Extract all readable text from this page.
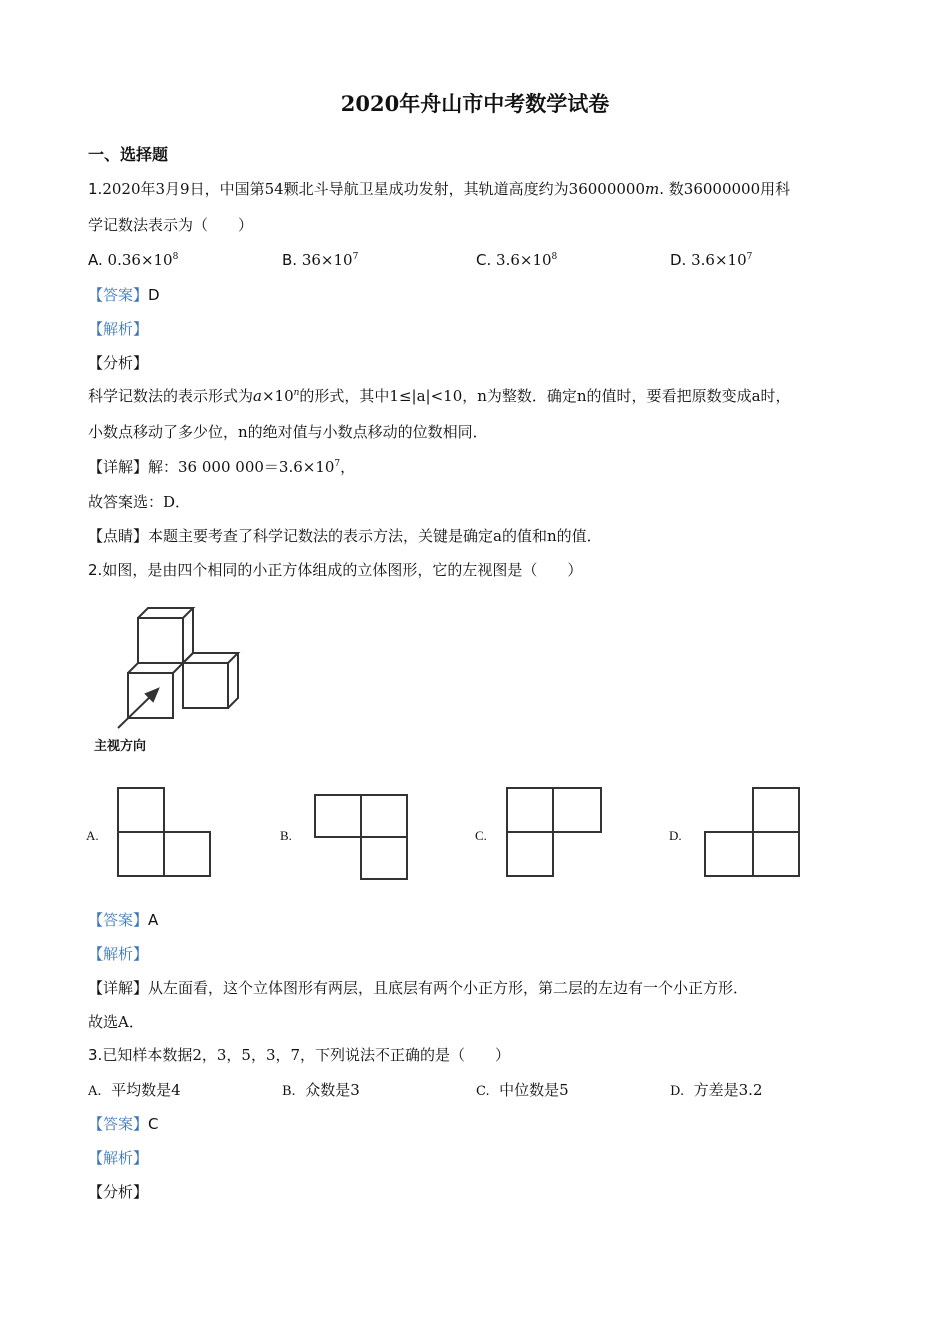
2020年舟山市中考数学试卷
一、选择题
1.2020年3月9日，中国第54颗北斗导航卫星成功发射，其轨道高度约为36000000m. 数36000000用科
学记数法表示为（　　）
A. $0.36\times 10^8$	B. $36\times 10^7$	C. $3.6\times 10^8$	D. $3.6\times 10^7$
【答案】D
【解析】
【分析】
科学记数法的表示形式为$a\times 10^n$的形式，其中1≤|a|<10，n为整数．确定n的值时，要看把原数变成a时，
小数点移动了多少位，n的绝对值与小数点移动的位数相同．
【详解】解：36 000 $000=3.6\times 10^7$，
故答案选：D．
【点睛】本题主要考查了科学记数法的表示方法，关键是确定a的值和n的值．
2.如图，是由四个相同的小正方体组成的立体图形，它的左视图是（　　）
主视方向
A.	B.	C.	D.
【答案】A
【解析】
【详解】从左面看，这个立体图形有两层，且底层有两个小正方形，第二层的左边有一个小正方形．
故选A．
3.已知样本数据2，3，5，3，7，下列说法不正确的是（　　）
A. 平均数是4	B. 众数是3	C. 中位数是5	D. 方差是3.2
【答案】C
【解析】
【分析】
